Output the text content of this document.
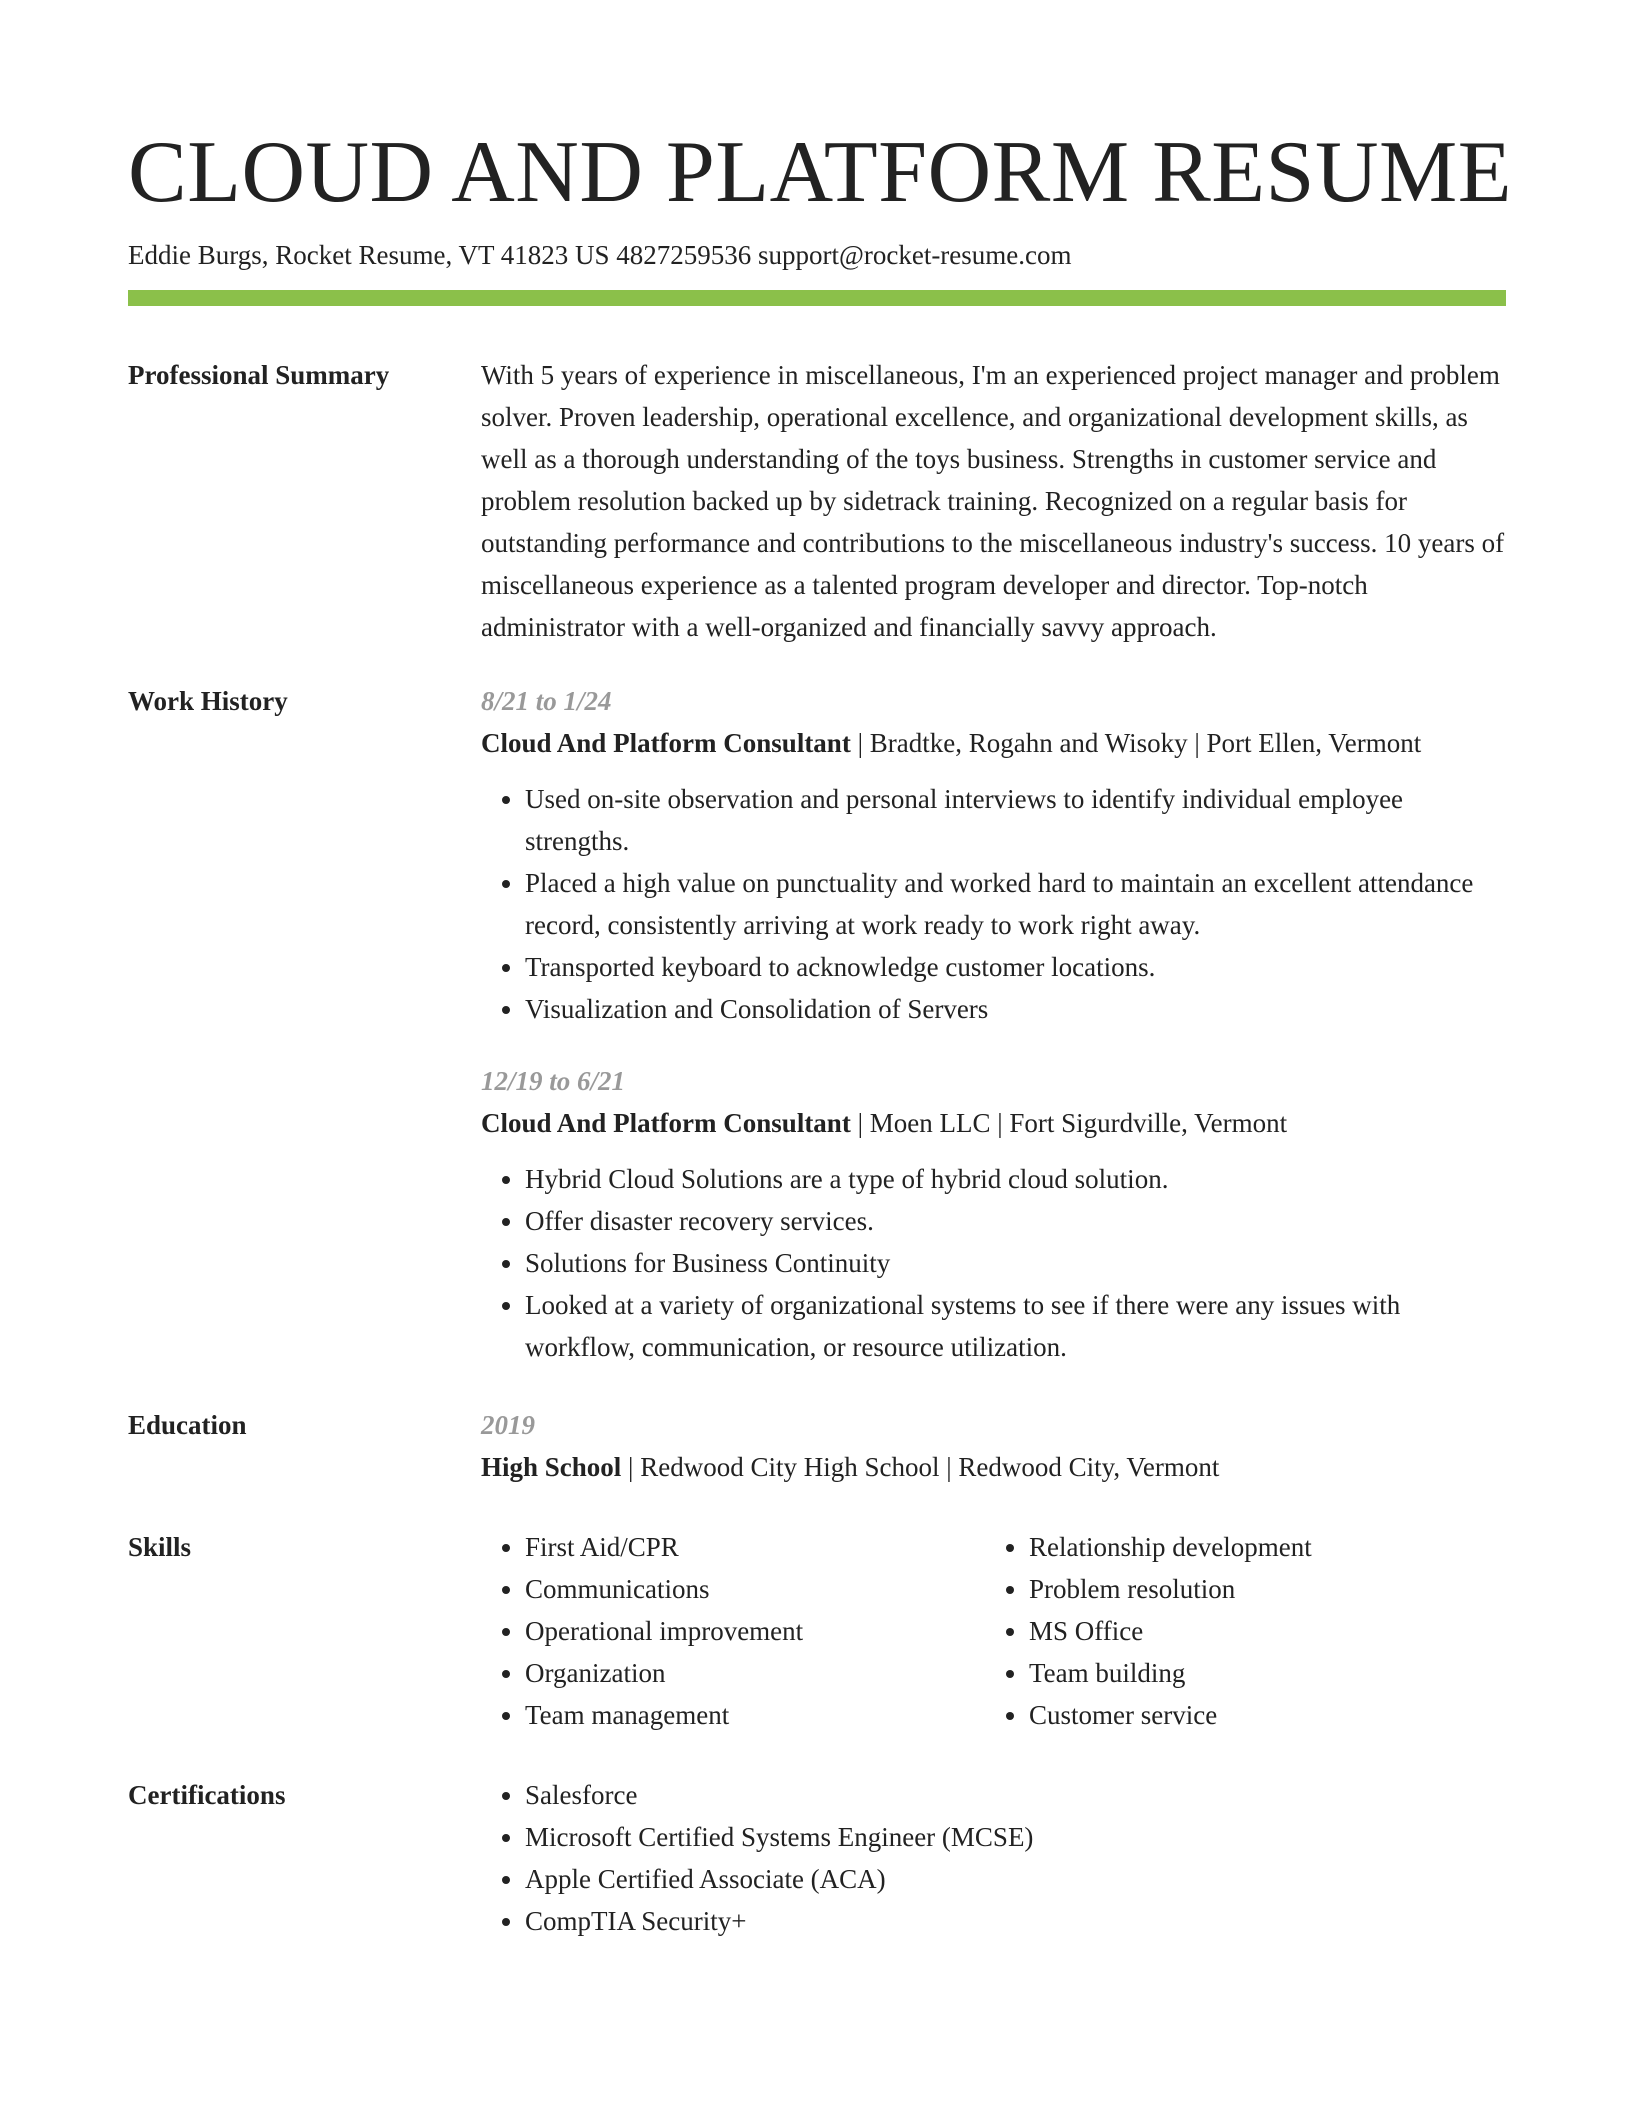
CLOUD AND PLATFORM RESUME
Eddie Burgs, Rocket Resume, VT 41823 US 4827259536 support@rocket-resume.com
Professional Summary	With 5 years of experience in miscellaneous, I'm an experienced project manager and problem solver. Proven leadership, operational excellence, and organizational development skills, as well as a thorough understanding of the toys business. Strengths in customer service and problem resolution backed up by sidetrack training. Recognized on a regular basis for outstanding performance and contributions to the miscellaneous industry's success. 10 years of miscellaneous experience as a talented program developer and director. Top-notch administrator with a well-organized and financially savvy approach.

Work History	8/21 to 1/24
Cloud And Platform Consultant | Bradtke, Rogahn and Wisoky | Port Ellen, Vermont
• Used on-site observation and personal interviews to identify individual employee strengths.
• Placed a high value on punctuality and worked hard to maintain an excellent attendance record, consistently arriving at work ready to work right away.
• Transported keyboard to acknowledge customer locations.
• Visualization and Consolidation of Servers
12/19 to 6/21
Cloud And Platform Consultant | Moen LLC | Fort Sigurdville, Vermont
• Hybrid Cloud Solutions are a type of hybrid cloud solution.
• Offer disaster recovery services.
• Solutions for Business Continuity
• Looked at a variety of organizational systems to see if there were any issues with workflow, communication, or resource utilization.
Education	2019
High School | Redwood City High School | Redwood City, Vermont
Skills	• First Aid/CPR
• Communications
• Operational improvement
• Organization
• Team management
• Relationship development
• Problem resolution
• MS Office
• Team building
• Customer service
Certifications	• Salesforce
• Microsoft Certified Systems Engineer (MCSE)
• Apple Certified Associate (ACA)
• CompTIA Security+
